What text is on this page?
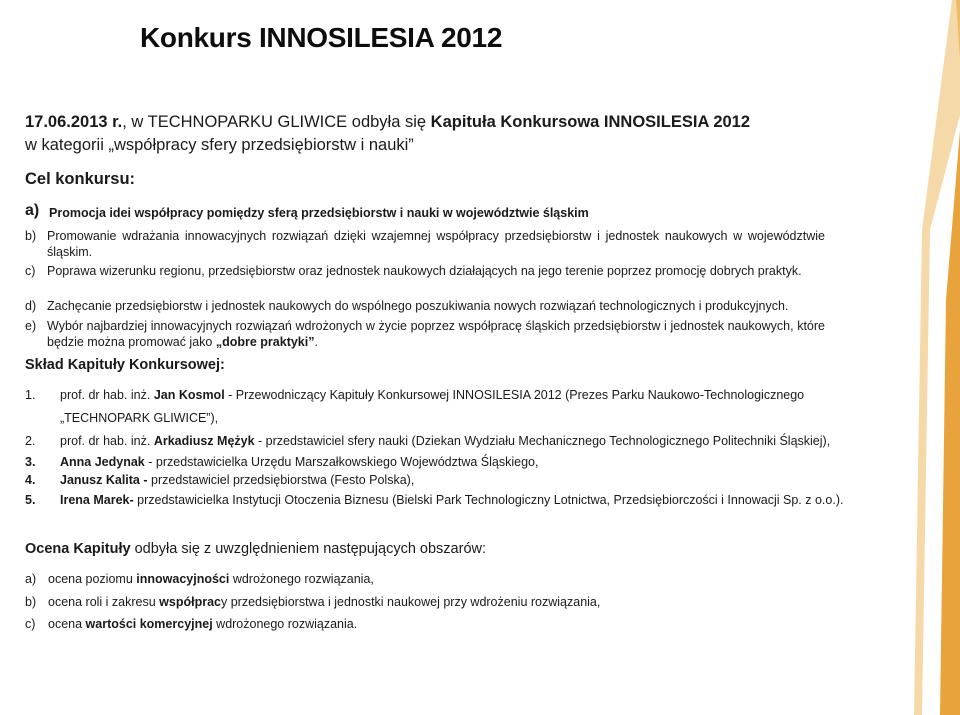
Konkurs INNOSILESIA 2012
17.06.2013 r., w TECHNOPARKU GLIWICE odbyła się Kapituła Konkursowa INNOSILESIA 2012
w kategorii „współpracy sfery przedsiębiorstw i nauki”
Cel konkursu:
a) Promocja idei współpracy pomiędzy sferą przedsiębiorstw i nauki w województwie śląskim
b) Promowanie wdrażania innowacyjnych rozwiązań dzięki wzajemnej współpracy przedsiębiorstw i jednostek naukowych w województwie śląskim.
c) Poprawa wizerunku regionu, przedsiębiorstw oraz jednostek naukowych działających na jego terenie poprzez promocję dobrych praktyk.
d) Zachęcanie przedsiębiorstw i jednostek naukowych do wspólnego poszukiwania nowych rozwiązań technologicznych i produkcyjnych.
e) Wybór najbardziej innowacyjnych rozwiązań wdrożonych w życie poprzez współpracę śląskich przedsiębiorstw i jednostek naukowych, które będzie można promować jako „dobre praktyki”.
Skład Kapituły Konkursowej:
1.	prof. dr hab. inż. Jan Kosmol - Przewodniczący Kapituły Konkursowej INNOSILESIA 2012 (Prezes Parku Naukowo-Technologicznego
„TECHNOPARK GLIWICE”),
2.	prof. dr hab. inż. Arkadiusz Mężyk - przedstawiciel sfery nauki (Dziekan Wydziału Mechanicznego Technologicznego Politechniki Śląskiej),
3.	Anna Jedynak - przedstawicielka Urzędu Marszałkowskiego Województwa Śląskiego,
4.	Janusz Kalita - przedstawiciel przedsiębiorstwa (Festo Polska),
5.	Irena Marek- przedstawicielka Instytucji Otoczenia Biznesu (Bielski Park Technologiczny Lotnictwa, Przedsiębiorczości i Innowacji Sp. z o.o.).
Ocena Kapituły odbyła się z uwzględnieniem następujących obszarów:
a) ocena poziomu innowacyjności wdrożonego rozwiązania,
b) ocena roli i zakresu współpracy przedsiębiorstwa i jednostki naukowej przy wdrożeniu rozwiązania,
c)	ocena wartości komercyjnej wdrożonego rozwiązania.
